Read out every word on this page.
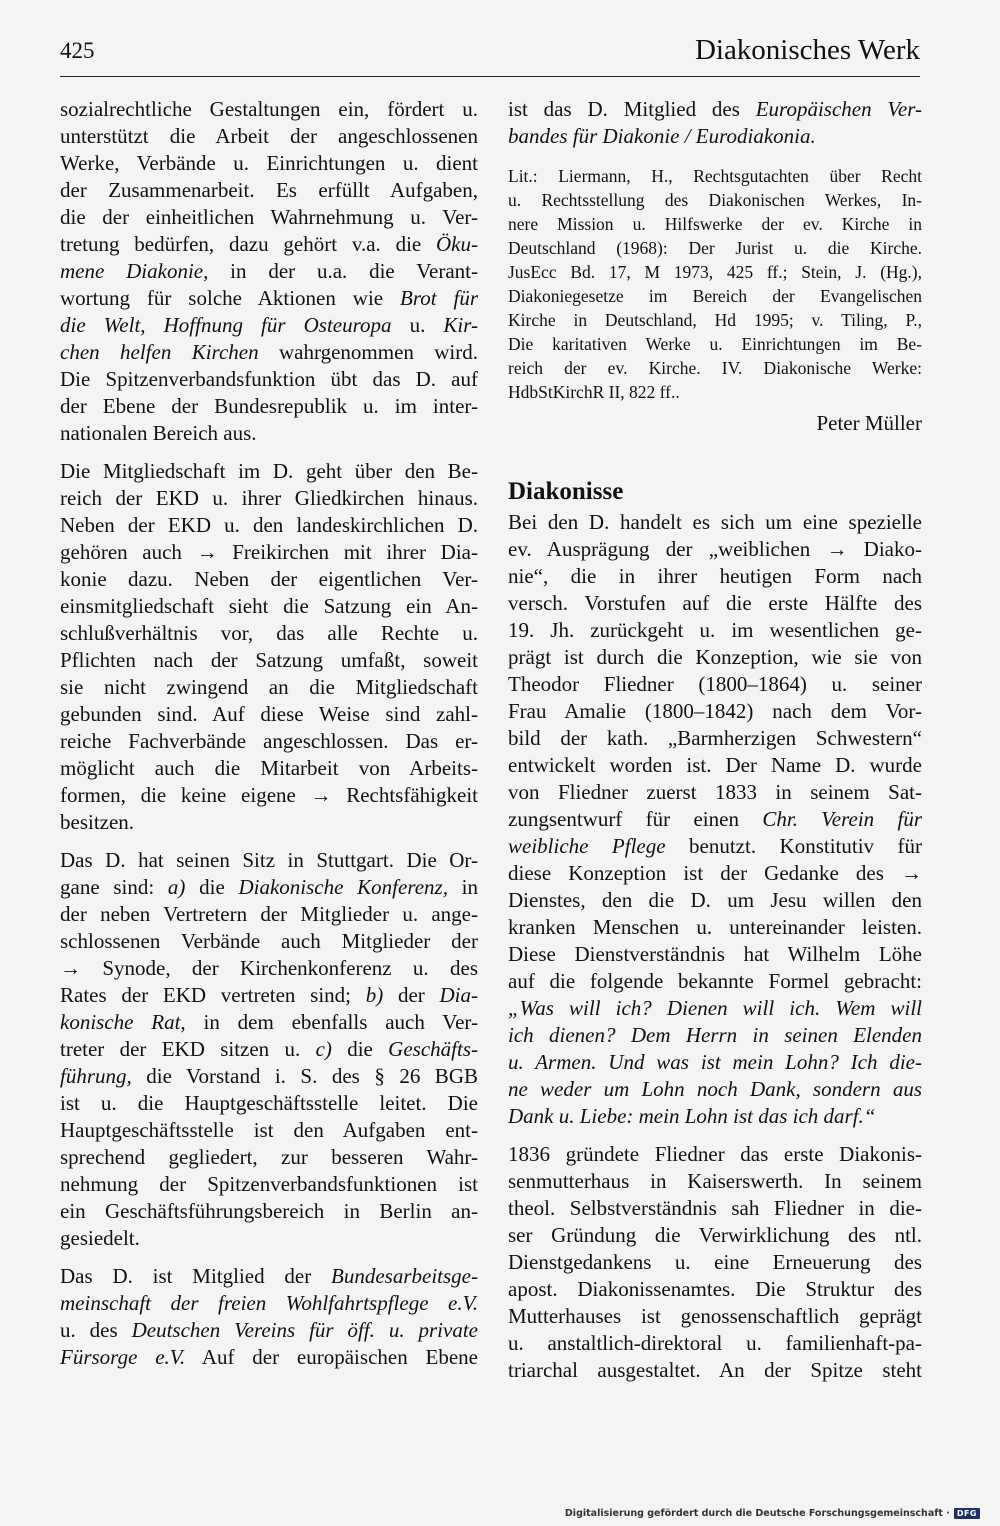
425	Diakonisches Werk
sozialrechtliche Gestaltungen ein, fördert u.
unterstützt die Arbeit der angeschlossenen
Werke, Verbände u. Einrichtungen u. dient
der Zusammenarbeit. Es erfüllt Aufgaben,
die der einheitlichen Wahrnehmung u. Ver-
tretung bedürfen, dazu gehört v.a. die Öku-
mene Diakonie, in der u.a. die Verant-
wortung für solche Aktionen wie Brot für
die Welt, Hoffnung für Osteuropa u. Kir-
chen helfen Kirchen wahrgenommen wird.
Die Spitzenverbandsfunktion übt das D. auf
der Ebene der Bundesrepublik u. im inter-
nationalen Bereich aus.
Die Mitgliedschaft im D. geht über den Be-
reich der EKD u. ihrer Gliedkirchen hinaus.
Neben der EKD u. den landeskirchlichen D.
gehören auch → Freikirchen mit ihrer Dia-
konie dazu. Neben der eigentlichen Ver-
einsmitgliedschaft sieht die Satzung ein An-
schlußverhältnis vor, das alle Rechte u.
Pflichten nach der Satzung umfaßt, soweit
sie nicht zwingend an die Mitgliedschaft
gebunden sind. Auf diese Weise sind zahl-
reiche Fachverbände angeschlossen. Das er-
möglicht auch die Mitarbeit von Arbeits-
formen, die keine eigene → Rechtsfähigkeit
besitzen.
Das D. hat seinen Sitz in Stuttgart. Die Or-
gane sind: a) die Diakonische Konferenz, in
der neben Vertretern der Mitglieder u. ange-
schlossenen Verbände auch Mitglieder der
→ Synode, der Kirchenkonferenz u. des
Rates der EKD vertreten sind; b) der Dia-
konische Rat, in dem ebenfalls auch Ver-
treter der EKD sitzen u. c) die Geschäfts-
führung, die Vorstand i. S. des § 26 BGB
ist u. die Hauptgeschäftsstelle leitet. Die
Hauptgeschäftsstelle ist den Aufgaben ent-
sprechend gegliedert, zur besseren Wahr-
nehmung der Spitzenverbandsfunktionen ist
ein Geschäftsführungsbereich in Berlin an-
gesiedelt.
Das D. ist Mitglied der Bundesarbeitsge-
meinschaft der freien Wohlfahrtspflege e.V.
u. des Deutschen Vereins für öff. u. private
Fürsorge e.V. Auf der europäischen Ebene
ist das D. Mitglied des Europäischen Ver-
bandes für Diakonie / Eurodiakonia.
Lit.: Liermann, H., Rechtsgutachten über Recht
u. Rechtsstellung des Diakonischen Werkes, In-
nere Mission u. Hilfswerke der ev. Kirche in
Deutschland (1968): Der Jurist u. die Kirche.
JusEcc Bd. 17, M 1973, 425 ff.; Stein, J. (Hg.),
Diakoniegesetze im Bereich der Evangelischen
Kirche in Deutschland, Hd 1995; v. Tiling, P.,
Die karitativen Werke u. Einrichtungen im Be-
reich der ev. Kirche. IV. Diakonische Werke:
HdbStKirchR II, 822 ff..
Peter Müller
Diakonisse
Bei den D. handelt es sich um eine spezielle
ev. Ausprägung der „weiblichen → Diako-
nie“, die in ihrer heutigen Form nach
versch. Vorstufen auf die erste Hälfte des
19. Jh. zurückgeht u. im wesentlichen ge-
prägt ist durch die Konzeption, wie sie von
Theodor Fliedner (1800–1864) u. seiner
Frau Amalie (1800–1842) nach dem Vor-
bild der kath. „Barmherzigen Schwestern“
entwickelt worden ist. Der Name D. wurde
von Fliedner zuerst 1833 in seinem Sat-
zungsentwurf für einen Chr. Verein für
weibliche Pflege benutzt. Konstitutiv für
diese Konzeption ist der Gedanke des →
Dienstes, den die D. um Jesu willen den
kranken Menschen u. untereinander leisten.
Diese Dienstverständnis hat Wilhelm Löhe
auf die folgende bekannte Formel gebracht:
„Was will ich? Dienen will ich. Wem will
ich dienen? Dem Herrn in seinen Elenden
u. Armen. Und was ist mein Lohn? Ich die-
ne weder um Lohn noch Dank, sondern aus
Dank u. Liebe: mein Lohn ist das ich darf.“
1836 gründete Fliedner das erste Diakonis-
senmutterhaus in Kaiserswerth. In seinem
theol. Selbstverständnis sah Fliedner in die-
ser Gründung die Verwirklichung des ntl.
Dienstgedankens u. eine Erneuerung des
apost. Diakonissenamtes. Die Struktur des
Mutterhauses ist genossenschaftlich geprägt
u. anstaltlich-direktoral u. familienhaft-pa-
triarchal ausgestaltet. An der Spitze steht
Digitalisierung gefördert durch die Deutsche Forschungsgemeinschaft · DFG
